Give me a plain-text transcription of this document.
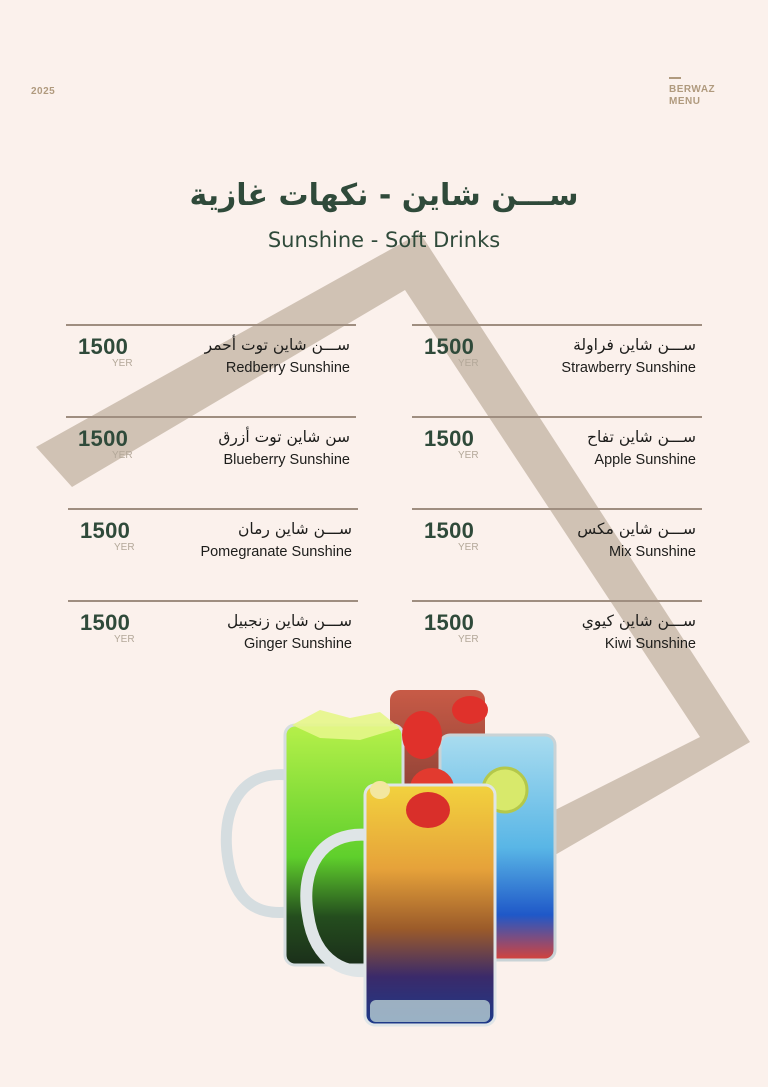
2025	BERWAZ
MENU
ســـن شاين - نكهات غازية
Sunshine - Soft Drinks
ســـن شاين فراولة
Strawberry Sunshine
1500
YER
ســـن شاين تفاح
Apple Sunshine
1500
YER
ســـن شاين مكس
Mix Sunshine
1500
YER
ســـن شاين كيوي
Kiwi Sunshine
1500
YER
ســـن شاين توت أحمر
Redberry Sunshine
1500
YER
سن شاين توت أزرق
Blueberry Sunshine
1500
YER
ســـن شاين رمان
Pomegranate Sunshine
1500
YER
ســـن شاين زنجبيل
Ginger Sunshine
1500
YER
